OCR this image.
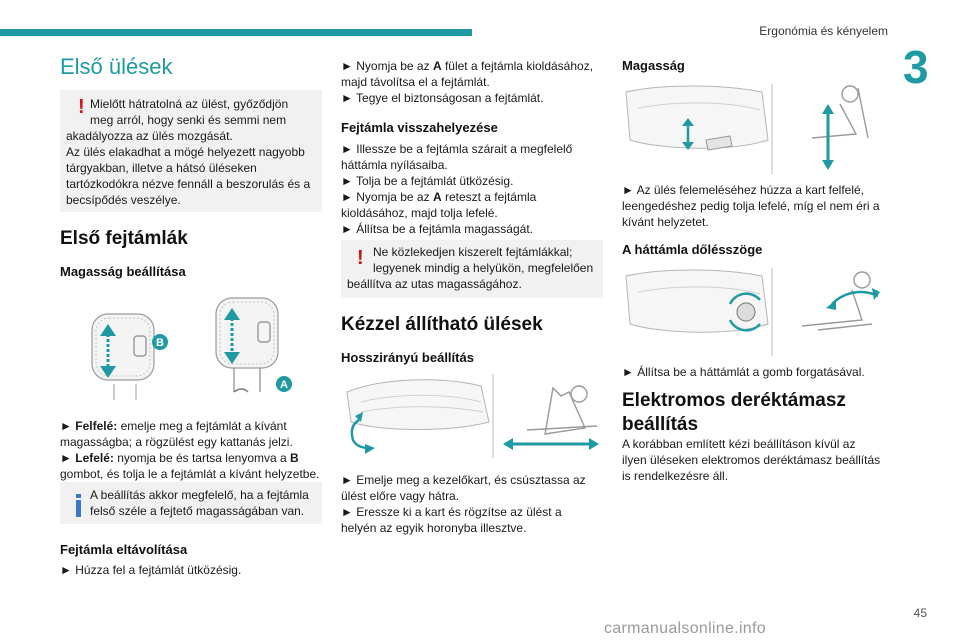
Ergonómia és kényelem
3
Első ülések
! Mielőtt hátratolná az ülést, győződjön
meg arról, hogy senki és semmi nem
akadályozza az ülés mozgását.
Az ülés elakadhat a mögé helyezett nagyobb
tárgyakban, illetve a hátsó üléseken
tartózkodókra nézve fennáll a beszorulás és a
becsípődés veszélye.
Első fejtámlák
Magasság beállítása
B
A
► Felfelé: emelje meg a fejtámlát a kívánt
magasságba; a rögzülést egy kattanás jelzi.
► Lefelé: nyomja be és tartsa lenyomva a B
gombot, és tolja le a fejtámlát a kívánt helyzetbe.
A beállítás akkor megfelelő, ha a fejtámla
felső széle a fejtető magasságában van.
Fejtámla eltávolítása
► Húzza fel a fejtámlát ütközésig.
► Nyomja be az A fület a fejtámla kioldásához,
majd távolítsa el a fejtámlát.
► Tegye el biztonságosan a fejtámlát.
Fejtámla visszahelyezése
► Illessze be a fejtámla szárait a megfelelő
háttámla nyílásaiba.
► Tolja be a fejtámlát ütközésig.
► Nyomja be az A reteszt a fejtámla
kioldásához, majd tolja lefelé.
► Állítsa be a fejtámla magasságát.
! Ne közlekedjen kiszerelt fejtámlákkal;
legyenek mindig a helyükön, megfelelően
beállítva az utas magasságához.
Kézzel állítható ülések
Hosszirányú beállítás
► Emelje meg a kezelőkart, és csúsztassa az
ülést előre vagy hátra.
► Eressze ki a kart és rögzítse az ülést a
helyén az egyik horonyba illesztve.
Magasság
► Az ülés felemeléséhez húzza a kart felfelé,
leengedéshez pedig tolja lefelé, míg el nem éri a
kívánt helyzetet.
A háttámla dőlésszöge
► Állítsa be a háttámlát a gomb forgatásával.
Elektromos deréktámasz
beállítás
A korábban említett kézi beállításon kívül az
ilyen üléseken elektromos deréktámasz beállítás
is rendelkezésre áll.
45
carmanualsonline.info
